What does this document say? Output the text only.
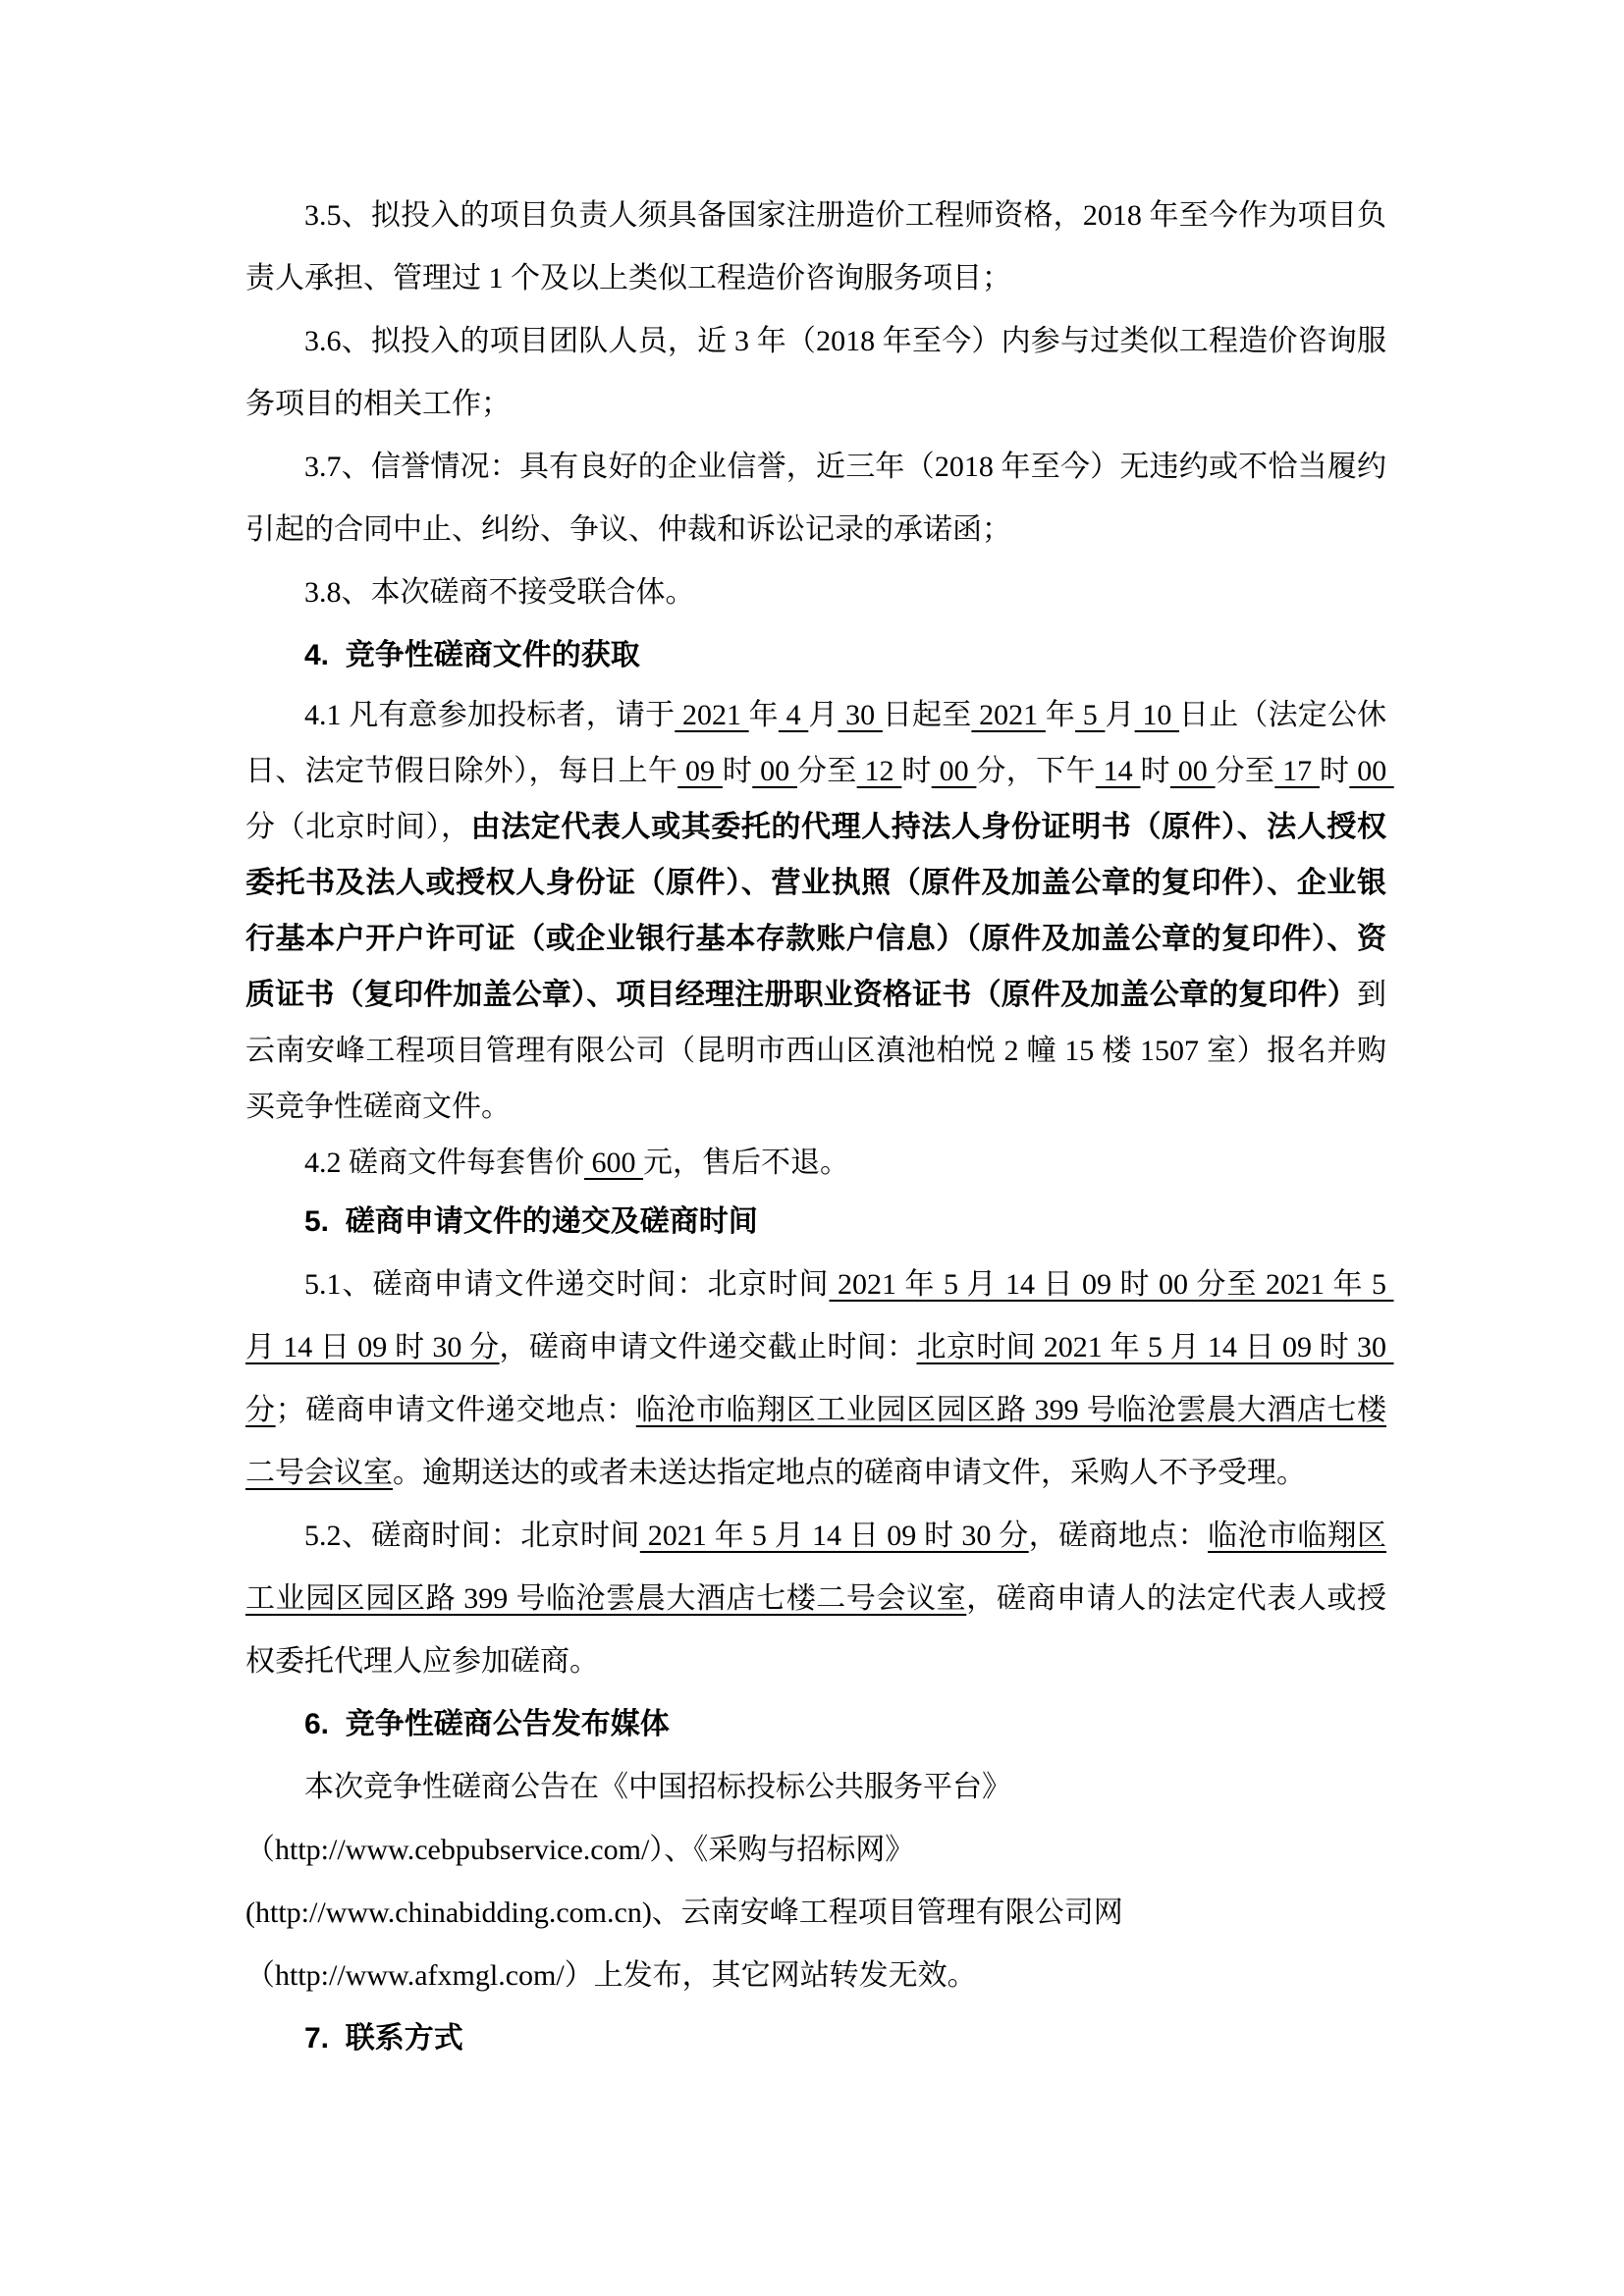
3.5、拟投入的项目负责人须具备国家注册造价工程师资格，2018 年至今作为项目负责人承担、管理过 1 个及以上类似工程造价咨询服务项目；

3.6、拟投入的项目团队人员，近 3 年（2018 年至今）内参与过类似工程造价咨询服务项目的相关工作；

3.7、信誉情况：具有良好的企业信誉，近三年（2018 年至今）无违约或不恰当履约引起的合同中止、纠纷、争议、仲裁和诉讼记录的承诺函；

3.8、本次磋商不接受联合体。

4.  竞争性磋商文件的获取

4.1 凡有意参加投标者，请于 2021 年 4 月 30 日起至 2021 年 5 月 10 日止（法定公休日、法定节假日除外），每日上午 09 时 00 分至 12 时 00 分，下午 14 时 00 分至 17 时 00 分（北京时间），由法定代表人或其委托的代理人持法人身份证明书（原件）、法人授权委托书及法人或授权人身份证（原件）、营业执照（原件及加盖公章的复印件）、企业银行基本户开户许可证（或企业银行基本存款账户信息）（原件及加盖公章的复印件）、资质证书（复印件加盖公章）、项目经理注册职业资格证书（原件及加盖公章的复印件）到云南安峰工程项目管理有限公司（昆明市西山区滇池柏悦 2 幢 15 楼 1507 室）报名并购买竞争性磋商文件。

4.2 磋商文件每套售价 600 元，售后不退。

5.  磋商申请文件的递交及磋商时间

5.1、磋商申请文件递交时间：北京时间 2021 年 5 月 14 日 09 时 00 分至 2021 年 5 月 14 日 09 时 30 分，磋商申请文件递交截止时间：北京时间 2021 年 5 月 14 日 09 时 30 分；磋商申请文件递交地点：临沧市临翔区工业园区园区路 399 号临沧雲晨大酒店七楼二号会议室。逾期送达的或者未送达指定地点的磋商申请文件，采购人不予受理。

5.2、磋商时间：北京时间 2021 年 5 月 14 日 09 时 30 分，磋商地点：临沧市临翔区工业园区园区路 399 号临沧雲晨大酒店七楼二号会议室，磋商申请人的法定代表人或授权委托代理人应参加磋商。

6.  竞争性磋商公告发布媒体

本次竞争性磋商公告在《中国招标投标公共服务平台》

（http://www.cebpubservice.com/）、《采购与招标网》

(http://www.chinabidding.com.cn)、云南安峰工程项目管理有限公司网

（http://www.afxmgl.com/）上发布，其它网站转发无效。

7.  联系方式
